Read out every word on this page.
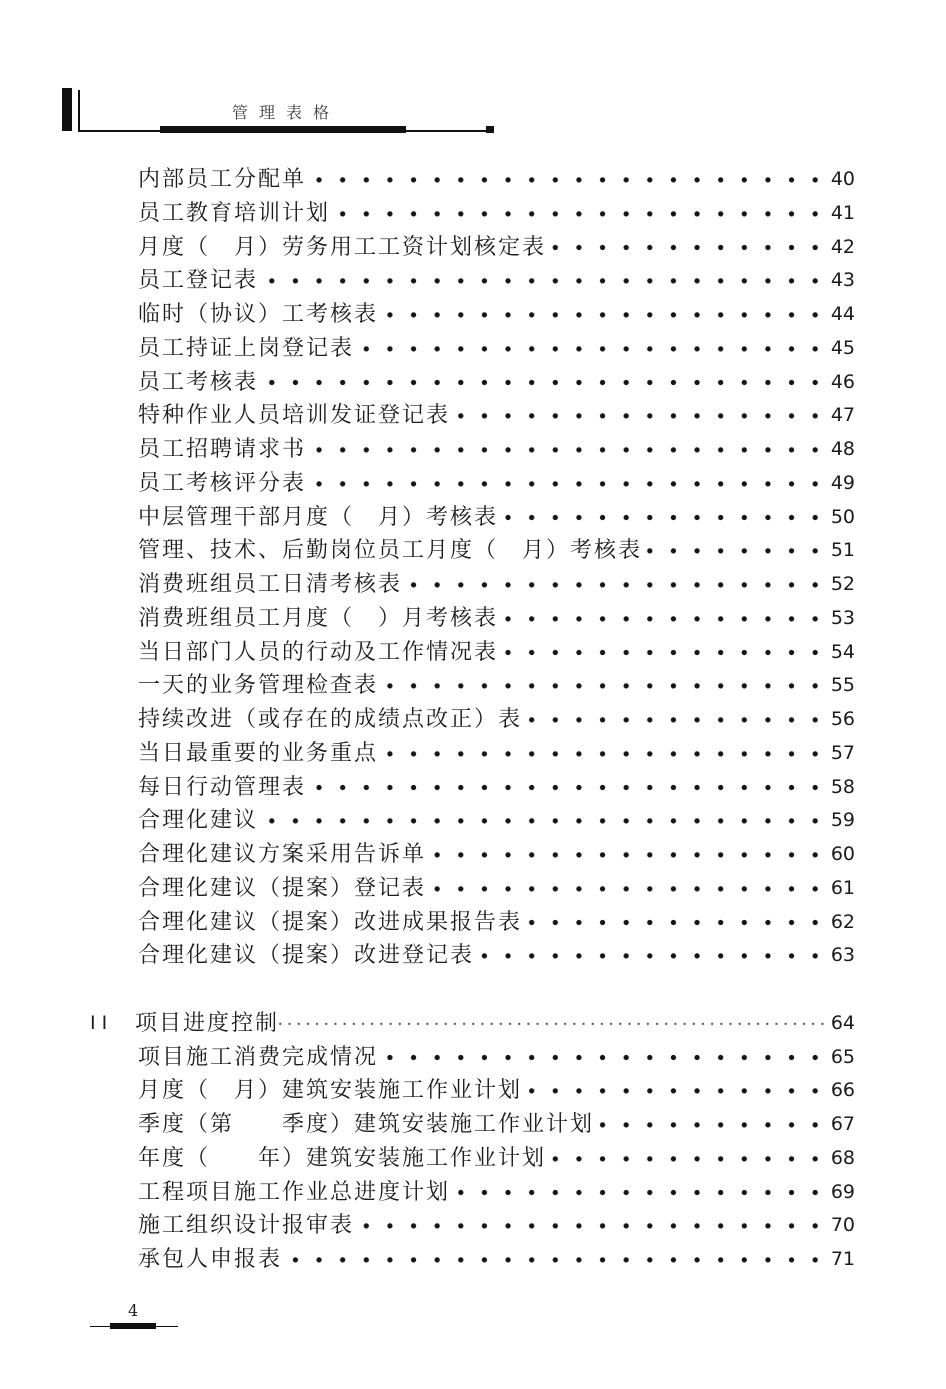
管理表格
内部员工分配单	40
员工教育培训计划	41
月度（　月）劳务用工工资计划核定表	42
员工登记表	43
临时（协议）工考核表	44
员工持证上岗登记表	45
员工考核表	46
特种作业人员培训发证登记表	47
员工招聘请求书	48
员工考核评分表	49
中层管理干部月度（　月）考核表	50
管理、技术、后勤岗位员工月度（　月）考核表	51
消费班组员工日清考核表	52
消费班组员工月度（　）月考核表	53
当日部门人员的行动及工作情况表	54
一天的业务管理检查表	55
持续改进（或存在的成绩点改正）表	56
当日最重要的业务重点	57
每日行动管理表	58
合理化建议	59
合理化建议方案采用告诉单	60
合理化建议（提案）登记表	61
合理化建议（提案）改进成果报告表	62
合理化建议（提案）改进登记表	63
II 项目进度控制	64
项目施工消费完成情况	65
月度（　月）建筑安装施工作业计划	66
季度（第　　季度）建筑安装施工作业计划	67
年度（　　年）建筑安装施工作业计划	68
工程项目施工作业总进度计划	69
施工组织设计报审表	70
承包人申报表	71
4
